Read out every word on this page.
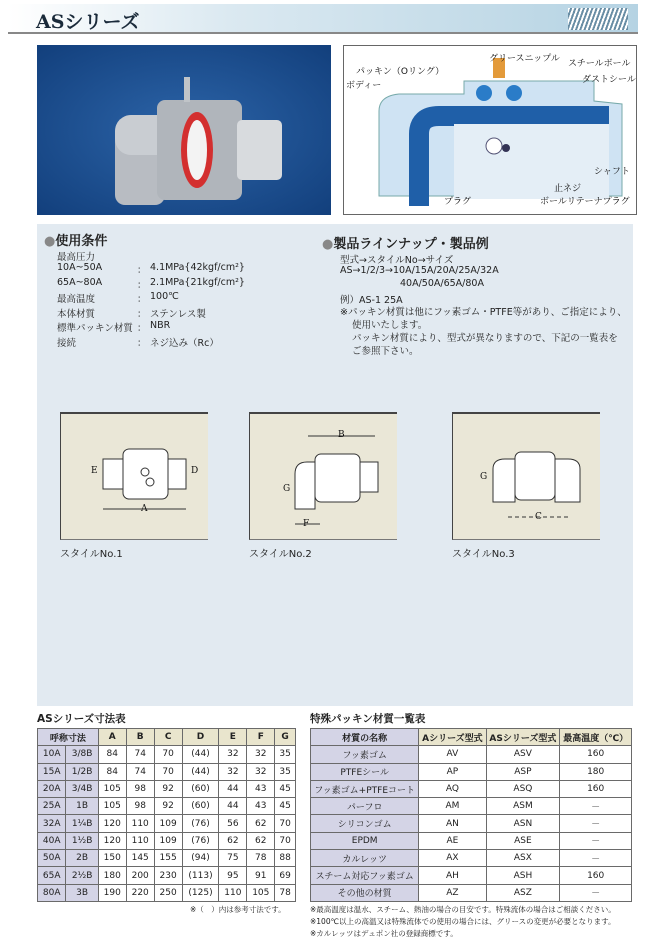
ASシリーズ
グリースニップル
パッキン（Oリング）
ボディー
スチールボール
ダストシール
シャフト
止ネジ
プラグ	ボールリテーナプラグ
●使用条件
最高圧力
10A~50A	： 4.1MPa{42kgf/cm²}
65A~80A	： 2.1MPa{21kgf/cm²}
最高温度	： 100℃
本体材質	： ステンレス製
標準パッキン材質 ： NBR
接続	： ネジ込み（Rc）
●製品ラインナップ・製品例
型式→スタイルNo→サイズ
AS→1/2/3→10A/15A/20A/25A/32A
40A/50A/65A/80A
例）AS-1 25A
※パッキン材質は他にフッ素ゴム・PTFE等があり、ご指定により、
使用いたします。
パッキン材質により、型式が異なりますので、下記の一覧表を
ご参照下さい。
E	D
A
B
G
F
G
C
スタイルNo.1	スタイルNo.2	スタイルNo.3
ASシリーズ寸法表
呼称寸法		A	B	C	D	E	F	G
10A	3/8B	84	74	70	(44)	32	32	35
15A	1/2B	84	74	70	(44)	32	32	35
20A	3/4B	105	98	92	(60)	44	43	45
25A	1B	105	98	92	(60)	44	43	45
32A	1¼B	120	110	109	(76)	56	62	70
40A	1½B	120	110	109	(76)	62	62	70
50A	2B	150	145	155	(94)	75	78	88
65A	2½B	180	200	230	(113)	95	91	69
80A	3B	190	220	250	(125)	110	105	78
※（　）内は参考寸法です。
特殊パッキン材質一覧表
材質の名称	Aシリーズ型式	ASシリーズ型式	最高温度（℃）
フッ素ゴム	AV	ASV	160
PTFEシール	AP	ASP	180
フッ素ゴム+PTFEコート	AQ	ASQ	160
パーフロ	AM	ASM	－
シリコンゴム	AN	ASN	－
EPDM	AE	ASE	－
カルレッツ	AX	ASX	－
スチーム対応フッ素ゴム	AH	ASH	160
その他の材質	AZ	ASZ	－
※最高温度は温水、スチーム、熱油の場合の目安です。特殊流体の場合はご相談ください。
※100℃以上の高温又は特殊流体での使用の場合には、グリースの変更が必要となります。
※カルレッツはデュポン社の登録商標です。
